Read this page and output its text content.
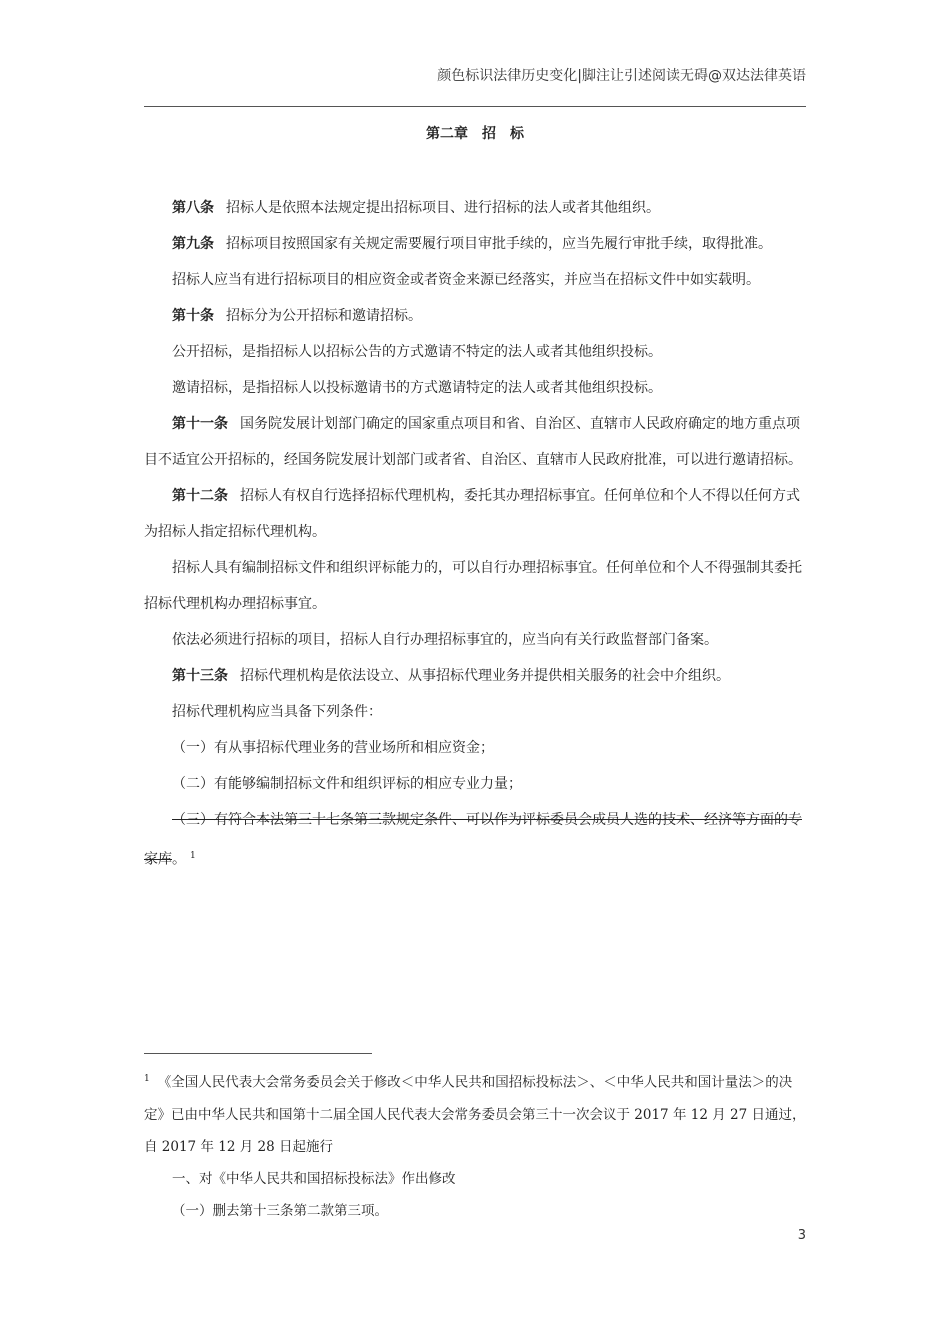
颜色标识法律历史变化|脚注让引述阅读无碍@双达法律英语
第二章　招　标

第八条 招标人是依照本法规定提出招标项目、进行招标的法人或者其他组织。

第九条 招标项目按照国家有关规定需要履行项目审批手续的，应当先履行审批手续，取得批准。

招标人应当有进行招标项目的相应资金或者资金来源已经落实，并应当在招标文件中如实载明。

第十条 招标分为公开招标和邀请招标。

公开招标，是指招标人以招标公告的方式邀请不特定的法人或者其他组织投标。

邀请招标，是指招标人以投标邀请书的方式邀请特定的法人或者其他组织投标。

第十一条 国务院发展计划部门确定的国家重点项目和省、自治区、直辖市人民政府确定的地方重点项目不适宜公开招标的，经国务院发展计划部门或者省、自治区、直辖市人民政府批准，可以进行邀请招标。

第十二条 招标人有权自行选择招标代理机构，委托其办理招标事宜。任何单位和个人不得以任何方式为招标人指定招标代理机构。

招标人具有编制招标文件和组织评标能力的，可以自行办理招标事宜。任何单位和个人不得强制其委托招标代理机构办理招标事宜。

依法必须进行招标的项目，招标人自行办理招标事宜的，应当向有关行政监督部门备案。

第十三条 招标代理机构是依法设立、从事招标代理业务并提供相关服务的社会中介组织。

招标代理机构应当具备下列条件：

（一）有从事招标代理业务的营业场所和相应资金；

（二）有能够编制招标文件和组织评标的相应专业力量；

（三）有符合本法第三十七条第三款规定条件、可以作为评标委员会成员人选的技术、经济等方面的专家库。 $^1$

$^1$ 《全国人民代表大会常务委员会关于修改＜中华人民共和国招标投标法＞、＜中华人民共和国计量法＞的决定》已由中华人民共和国第十二届全国人民代表大会常务委员会第三十一次会议于 2017 年 12 月 27 日通过，自 2017 年 12 月 28 日起施行

一、对《中华人民共和国招标投标法》作出修改

（一）删去第十三条第二款第三项。

3
